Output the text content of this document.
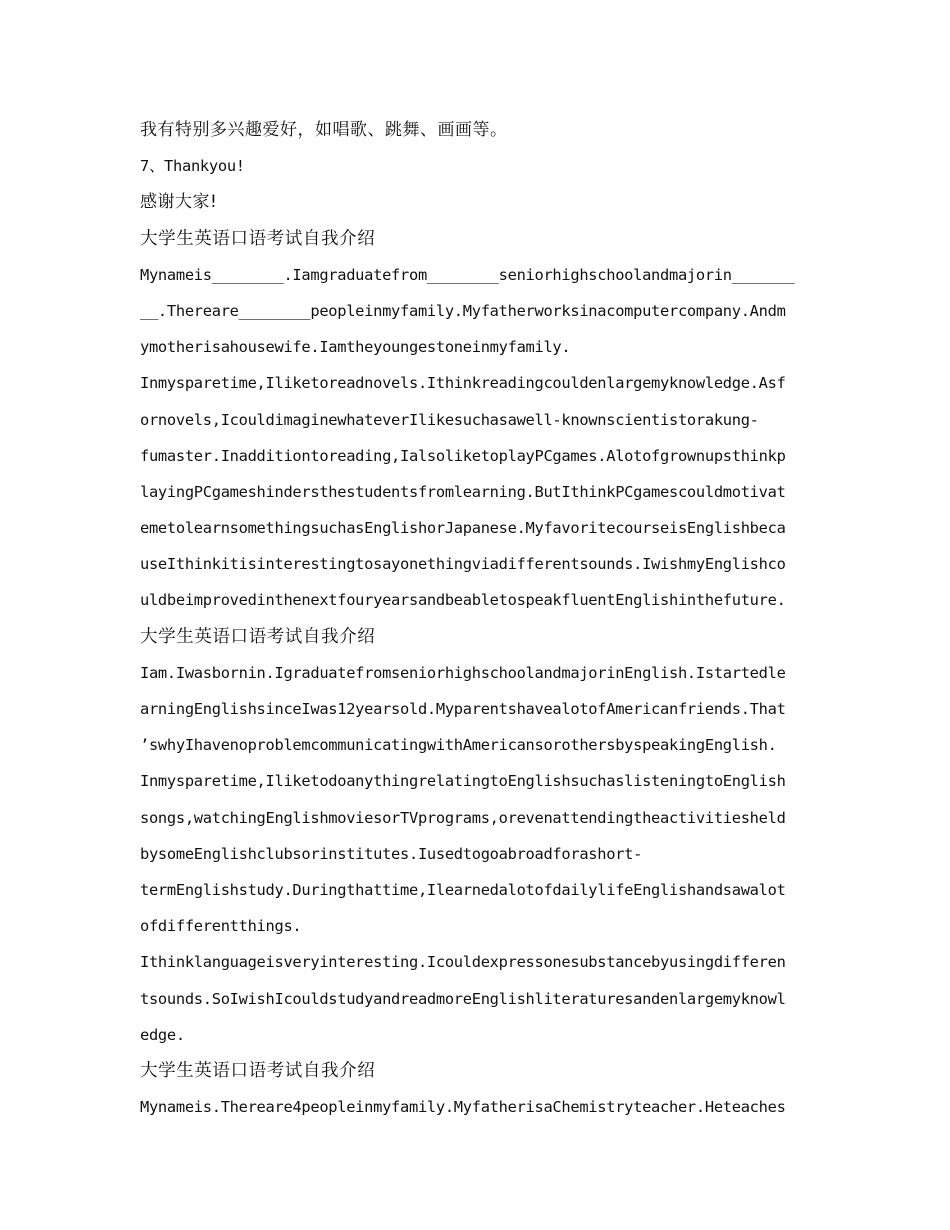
我有特别多兴趣爱好，如唱歌、跳舞、画画等。
7、Thankyou!
感谢大家!
大学生英语口语考试自我介绍
Mynameis________.Iamgraduatefrom________seniorhighschoolandmajorin_______
__.Thereare________peopleinmyfamily.Myfatherworksinacomputercompany.Andm
ymotherisahousewife.Iamtheyoungestoneinmyfamily.
Inmysparetime,Iliketoreadnovels.Ithinkreadingcouldenlargemyknowledge.Asf
ornovels,IcouldimaginewhateverIlikesuchasawell-knownscientistorakung-
fumaster.Inadditiontoreading,IalsoliketoplayPCgames.Alotofgrownupsthinkp
layingPCgameshindersthestudentsfromlearning.ButIthinkPCgamescouldmotivat
emetolearnsomethingsuchasEnglishorJapanese.MyfavoritecourseisEnglishbeca
useIthinkitisinterestingtosayonethingviadifferentsounds.IwishmyEnglishco
uldbeimprovedinthenextfouryearsandbeabletospeakfluentEnglishinthefuture.
大学生英语口语考试自我介绍
Iam.Iwasbornin.IgraduatefromseniorhighschoolandmajorinEnglish.Istartedle
arningEnglishsinceIwas12yearsold.MyparentshavealotofAmericanfriends.That
’swhyIhavenoproblemcommunicatingwithAmericansorothersbyspeakingEnglish.
Inmysparetime,IliketodoanythingrelatingtoEnglishsuchaslisteningtoEnglish
songs,watchingEnglishmoviesorTVprograms,orevenattendingtheactivitiesheld
bysomeEnglishclubsorinstitutes.Iusedtogoabroadforashort-
termEnglishstudy.Duringthattime,IlearnedalotofdailylifeEnglishandsawalot
ofdifferentthings.
Ithinklanguageisveryinteresting.Icouldexpressonesubstancebyusingdifferen
tsounds.SoIwishIcouldstudyandreadmoreEnglishliteraturesandenlargemyknowl
edge.
大学生英语口语考试自我介绍
Mynameis.Thereare4peopleinmyfamily.MyfatherisaChemistryteacher.Heteaches
